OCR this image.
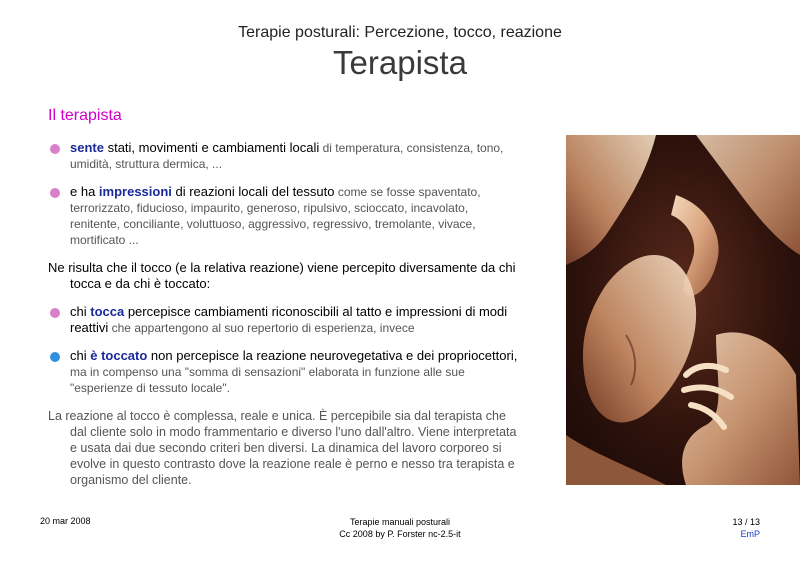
Terapie posturali: Percezione, tocco, reazione
Terapista
Il terapista
sente stati, movimenti e cambiamenti locali di temperatura, consistenza, tono, umidità, struttura dermica, ...
e ha impressioni di reazioni locali del tessuto come se fosse spaventato, terrorizzato, fiducioso, impaurito, generoso, ripulsivo, scioccato, incavolato, renitente, conciliante, voluttuoso, aggressivo, regressivo, tremolante, vivace, mortificato ...

Ne risulta che il tocco (e la relativa reazione) viene percepito diversamente da chi tocca e da chi è toccato:

chi tocca percepisce cambiamenti riconoscibili al tatto e impressioni di modi reattivi che appartengono al suo repertorio di esperienza, invece
chi è toccato non percepisce la reazione neurovegetativa e dei propriocettori, ma in compenso una "somma di sensazioni" elaborata in funzione alle sue "esperienze di tessuto locale".

La reazione al tocco è complessa, reale e unica. È percepibile sia dal terapista che dal cliente solo in modo frammentario e diverso l'uno dall'altro. Viene interpretata e usata dai due secondo criteri ben diversi. La dinamica del lavoro corporeo si evolve in questo contrasto dove la reazione reale è perno e nesso tra terapista e organismo del cliente.

20 mar 2008	Terapie manuali posturali
Cc 2008 by P. Forster nc-2.5-it
13 / 13
EmP
